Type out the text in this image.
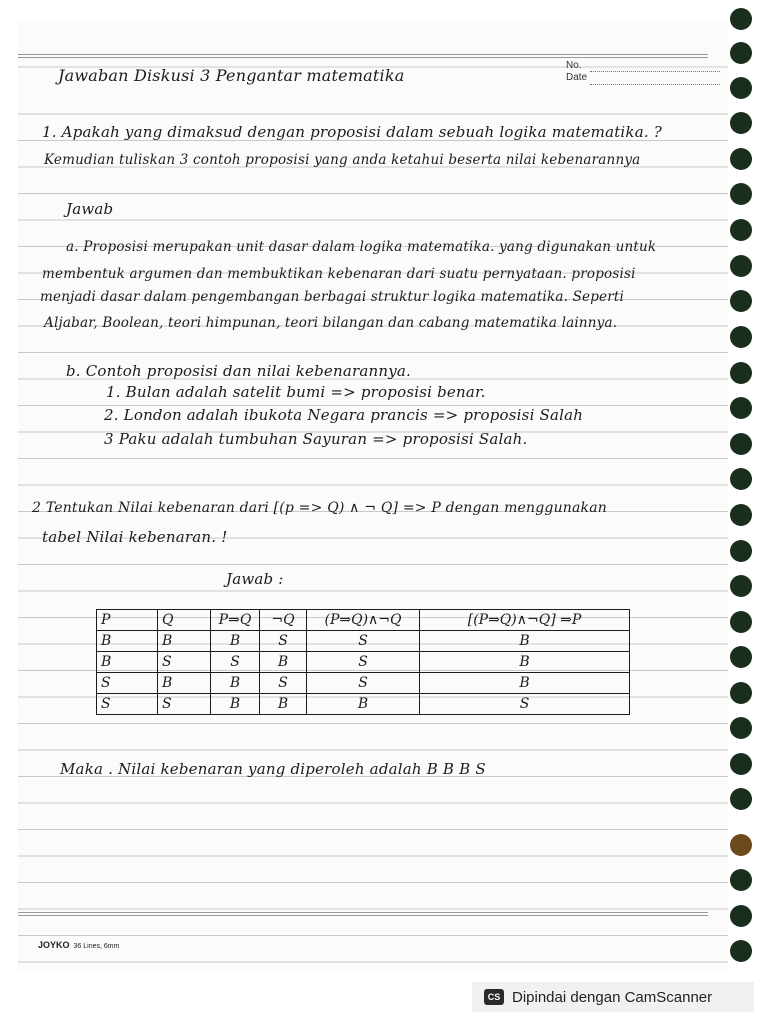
No.
Date
Jawaban Diskusi 3 Pengantar matematika
1. Apakah yang dimaksud dengan proposisi dalam sebuah logika matematika. ?
Kemudian tuliskan 3 contoh proposisi yang anda ketahui beserta nilai kebenarannya
Jawab
a. Proposisi merupakan unit dasar dalam logika matematika. yang digunakan untuk
membentuk argumen dan membuktikan kebenaran dari suatu pernyataan. proposisi
menjadi dasar dalam pengembangan berbagai struktur logika matematika. Seperti
Aljabar, Boolean, teori himpunan, teori bilangan dan cabang matematika lainnya.
b. Contoh proposisi dan nilai kebenarannya.
1. Bulan adalah satelit bumi => proposisi benar.
2. London adalah ibukota Negara prancis => proposisi Salah
3 Paku adalah tumbuhan Sayuran => proposisi Salah.
2 Tentukan Nilai kebenaran dari [(p => Q) ∧ ¬ Q] => P dengan menggunakan
tabel Nilai kebenaran. !
Jawab :
P	Q	P⇒Q	¬Q	(P⇒Q)∧¬Q	[(P⇒Q)∧¬Q] ⇒P
B	B	B	S	S	B
B	S	S	B	S	B
S	B	B	S	S	B
S	S	B	B	B	S
Maka . Nilai kebenaran yang diperoleh adalah B B B S
JOYKO 36 Lines, 6mm
CS Dipindai dengan CamScanner
